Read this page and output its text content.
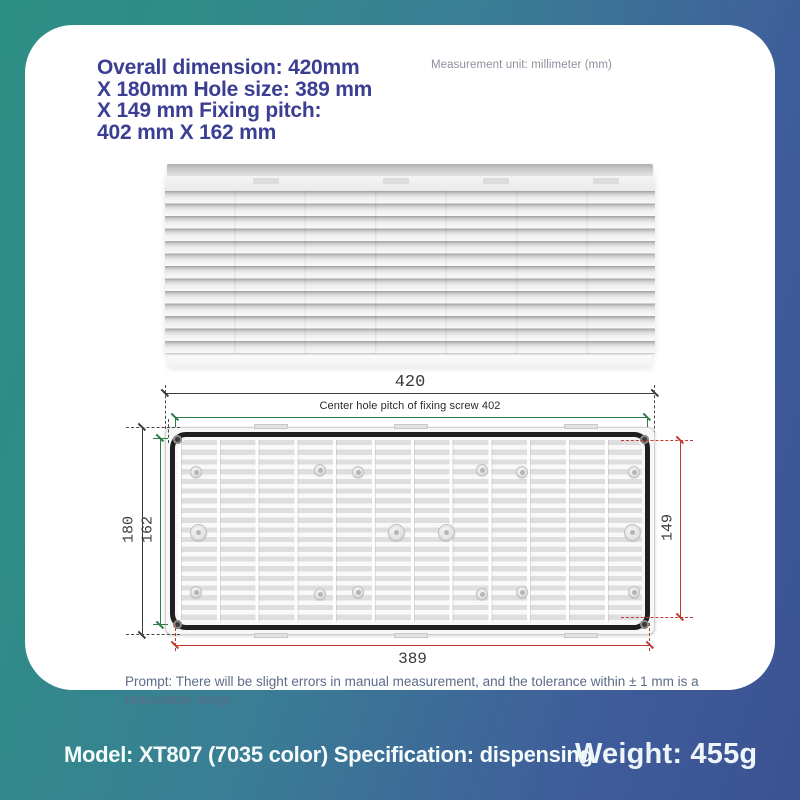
Overall dimension: 420mm
X 180mm Hole size: 389 mm
X 149 mm Fixing pitch:
402 mm X 162 mm
Measurement unit: millimeter (mm)
420
Center hole pitch of fixing screw 402
180 162	149
389
Prompt: There will be slight errors in manual measurement, and the tolerance within ± 1 mm is a reasonable range.
Model: XT807 (7035 color) Specification: dispensing
Weight: 455g
